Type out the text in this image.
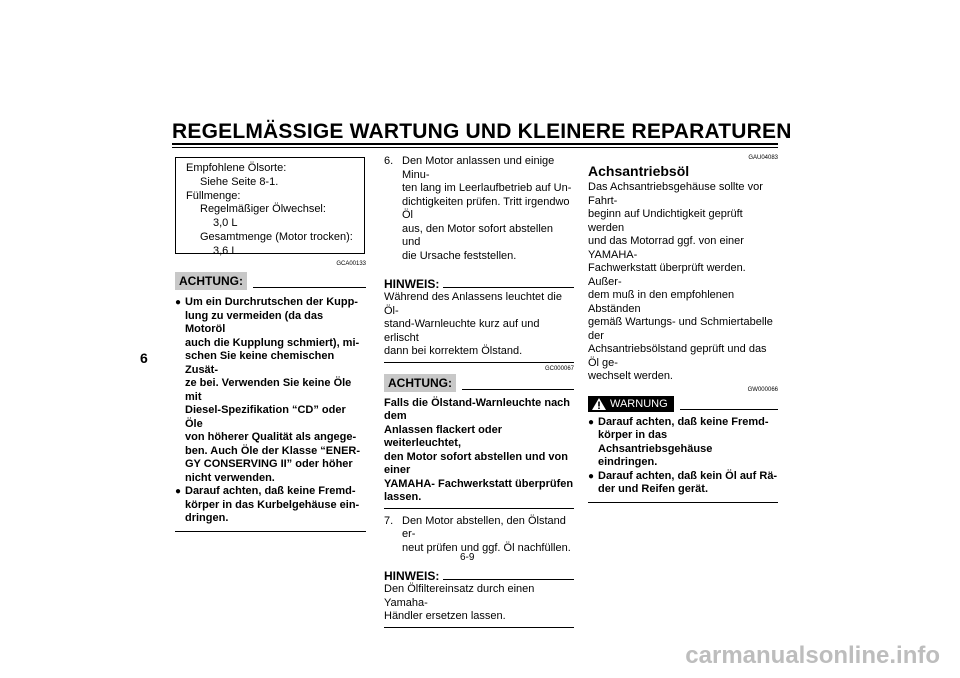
REGELMÄSSIGE WARTUNG UND KLEINERE REPARATUREN
6
Empfohlene Ölsorte:
Siehe Seite 8-1.
Füllmenge:
Regelmäßiger Ölwechsel:
3,0 L
Gesamtmenge (Motor trocken):
3,6 L
GCA00133
ACHTUNG:
● Um ein Durchrutschen der Kupp-
lung zu vermeiden (da das Motoröl
auch die Kupplung schmiert), mi-
schen Sie keine chemischen Zusät-
ze bei. Verwenden Sie keine Öle mit
Diesel-Spezifikation “CD” oder Öle
von höherer Qualität als angege-
ben. Auch Öle der Klasse “ENER-
GY CONSERVING II” oder höher
nicht verwenden.
● Darauf achten, daß keine Fremd-
körper in das Kurbelgehäuse ein-
dringen.
6. Den Motor anlassen und einige Minu-
ten lang im Leerlaufbetrieb auf Un-
dichtigkeiten prüfen. Tritt irgendwo Öl
aus, den Motor sofort abstellen und
die Ursache feststellen.
HINWEIS:
Während des Anlassens leuchtet die Öl-
stand-Warnleuchte kurz auf und erlischt
dann bei korrektem Ölstand.
GC000067
ACHTUNG:
Falls die Ölstand-Warnleuchte nach dem
Anlassen flackert oder weiterleuchtet,
den Motor sofort abstellen und von einer
YAMAHA- Fachwerkstatt überprüfen
lassen.
7. Den Motor abstellen, den Ölstand er-
neut prüfen und ggf. Öl nachfüllen.
HINWEIS:
Den Ölfiltereinsatz durch einen Yamaha-
Händler ersetzen lassen.
GAU04083
Achsantriebsöl
Das Achsantriebsgehäuse sollte vor Fahrt-
beginn auf Undichtigkeit geprüft werden
und das Motorrad ggf. von einer YAMAHA-
Fachwerkstatt überprüft werden. Außer-
dem muß in den empfohlenen Abständen
gemäß Wartungs- und Schmiertabelle der
Achsantriebsölstand geprüft und das Öl ge-
wechselt werden.
GW000066
WARNUNG
● Darauf achten, daß keine Fremd-
körper in das Achsantriebsgehäuse
eindringen.
● Darauf achten, daß kein Öl auf Rä-
der und Reifen gerät.
6-9
carmanualsonline.info
